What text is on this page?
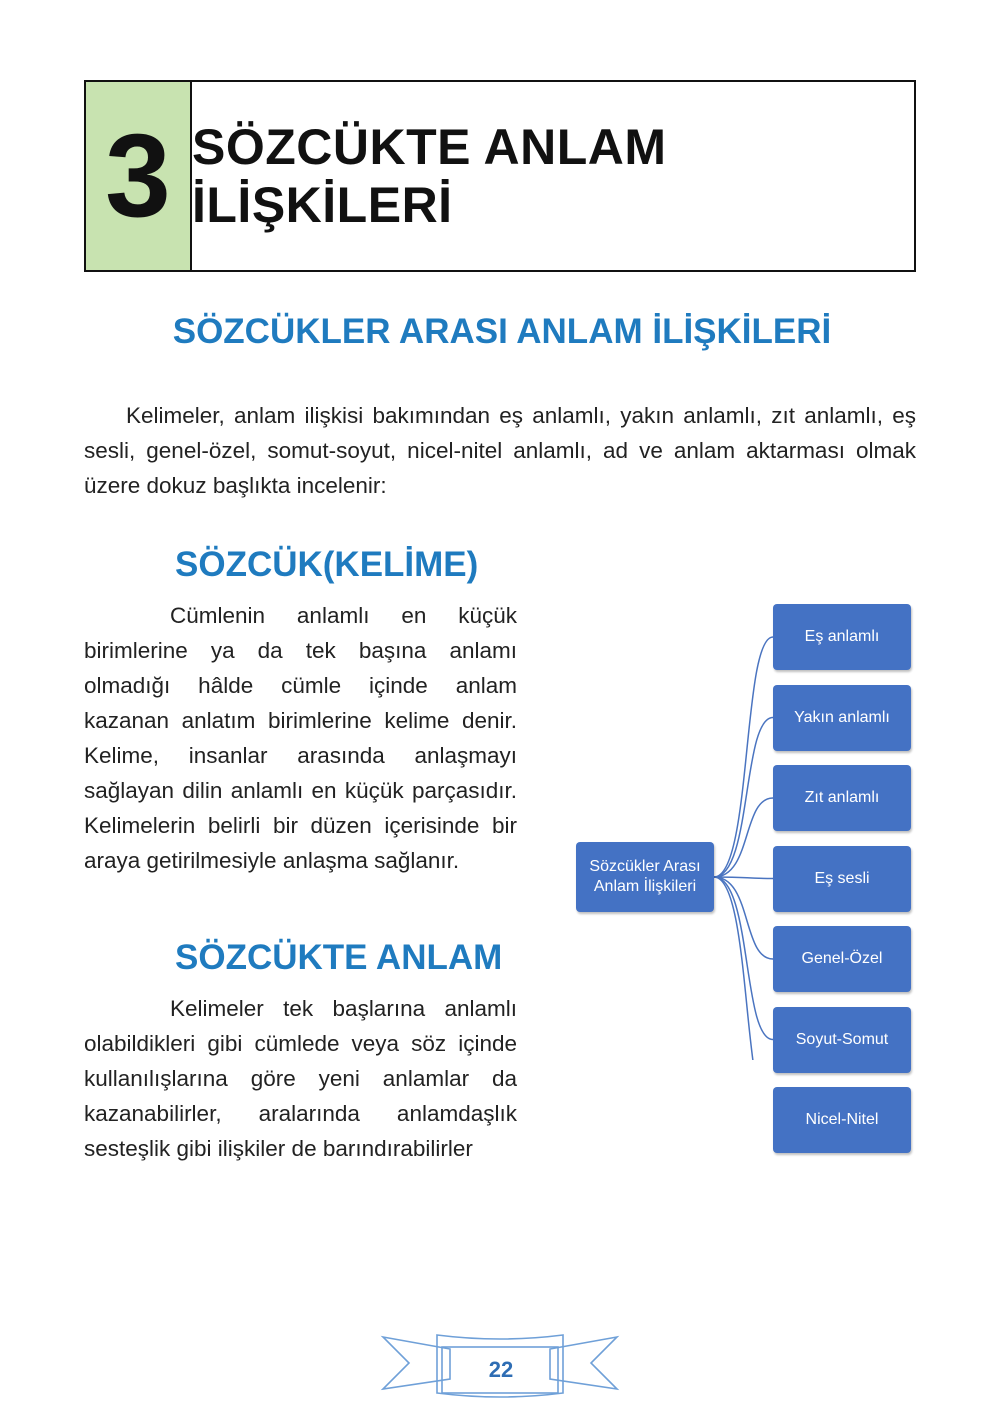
3 SÖZCÜKTE ANLAM İLİŞKİLERİ
SÖZCÜKLER ARASI ANLAM İLİŞKİLERİ
Kelimeler, anlam ilişkisi bakımından eş anlamlı, yakın anlamlı, zıt anlamlı, eş sesli, genel-özel, somut-soyut, nicel-nitel anlamlı, ad ve anlam aktarması olmak üzere dokuz başlıkta incelenir:
SÖZCÜK(KELİME)
Cümlenin anlamlı en küçük birimlerine ya da tek başına anlamı olmadığı hâlde cümle içinde anlam kazanan anlatım birimlerine kelime denir. Kelime, insanlar arasında anlaşmayı sağlayan dilin anlamlı en küçük parçasıdır. Kelimelerin belirli bir düzen içerisinde bir araya getirilmesiyle anlaşma sağlanır.
SÖZCÜKTE ANLAM
Kelimeler tek başlarına anlamlı olabildikleri gibi cümlede veya söz içinde kullanılışlarına göre yeni anlamlar da kazanabilirler, aralarında anlamdaşlık sesteşlik gibi ilişkiler de barındırabilirler
Sözcükler Arası Anlam İlişkileri
Eş anlamlı
Yakın anlamlı
Zıt anlamlı
Eş sesli
Genel-Özel
Soyut-Somut
Nicel-Nitel
22
